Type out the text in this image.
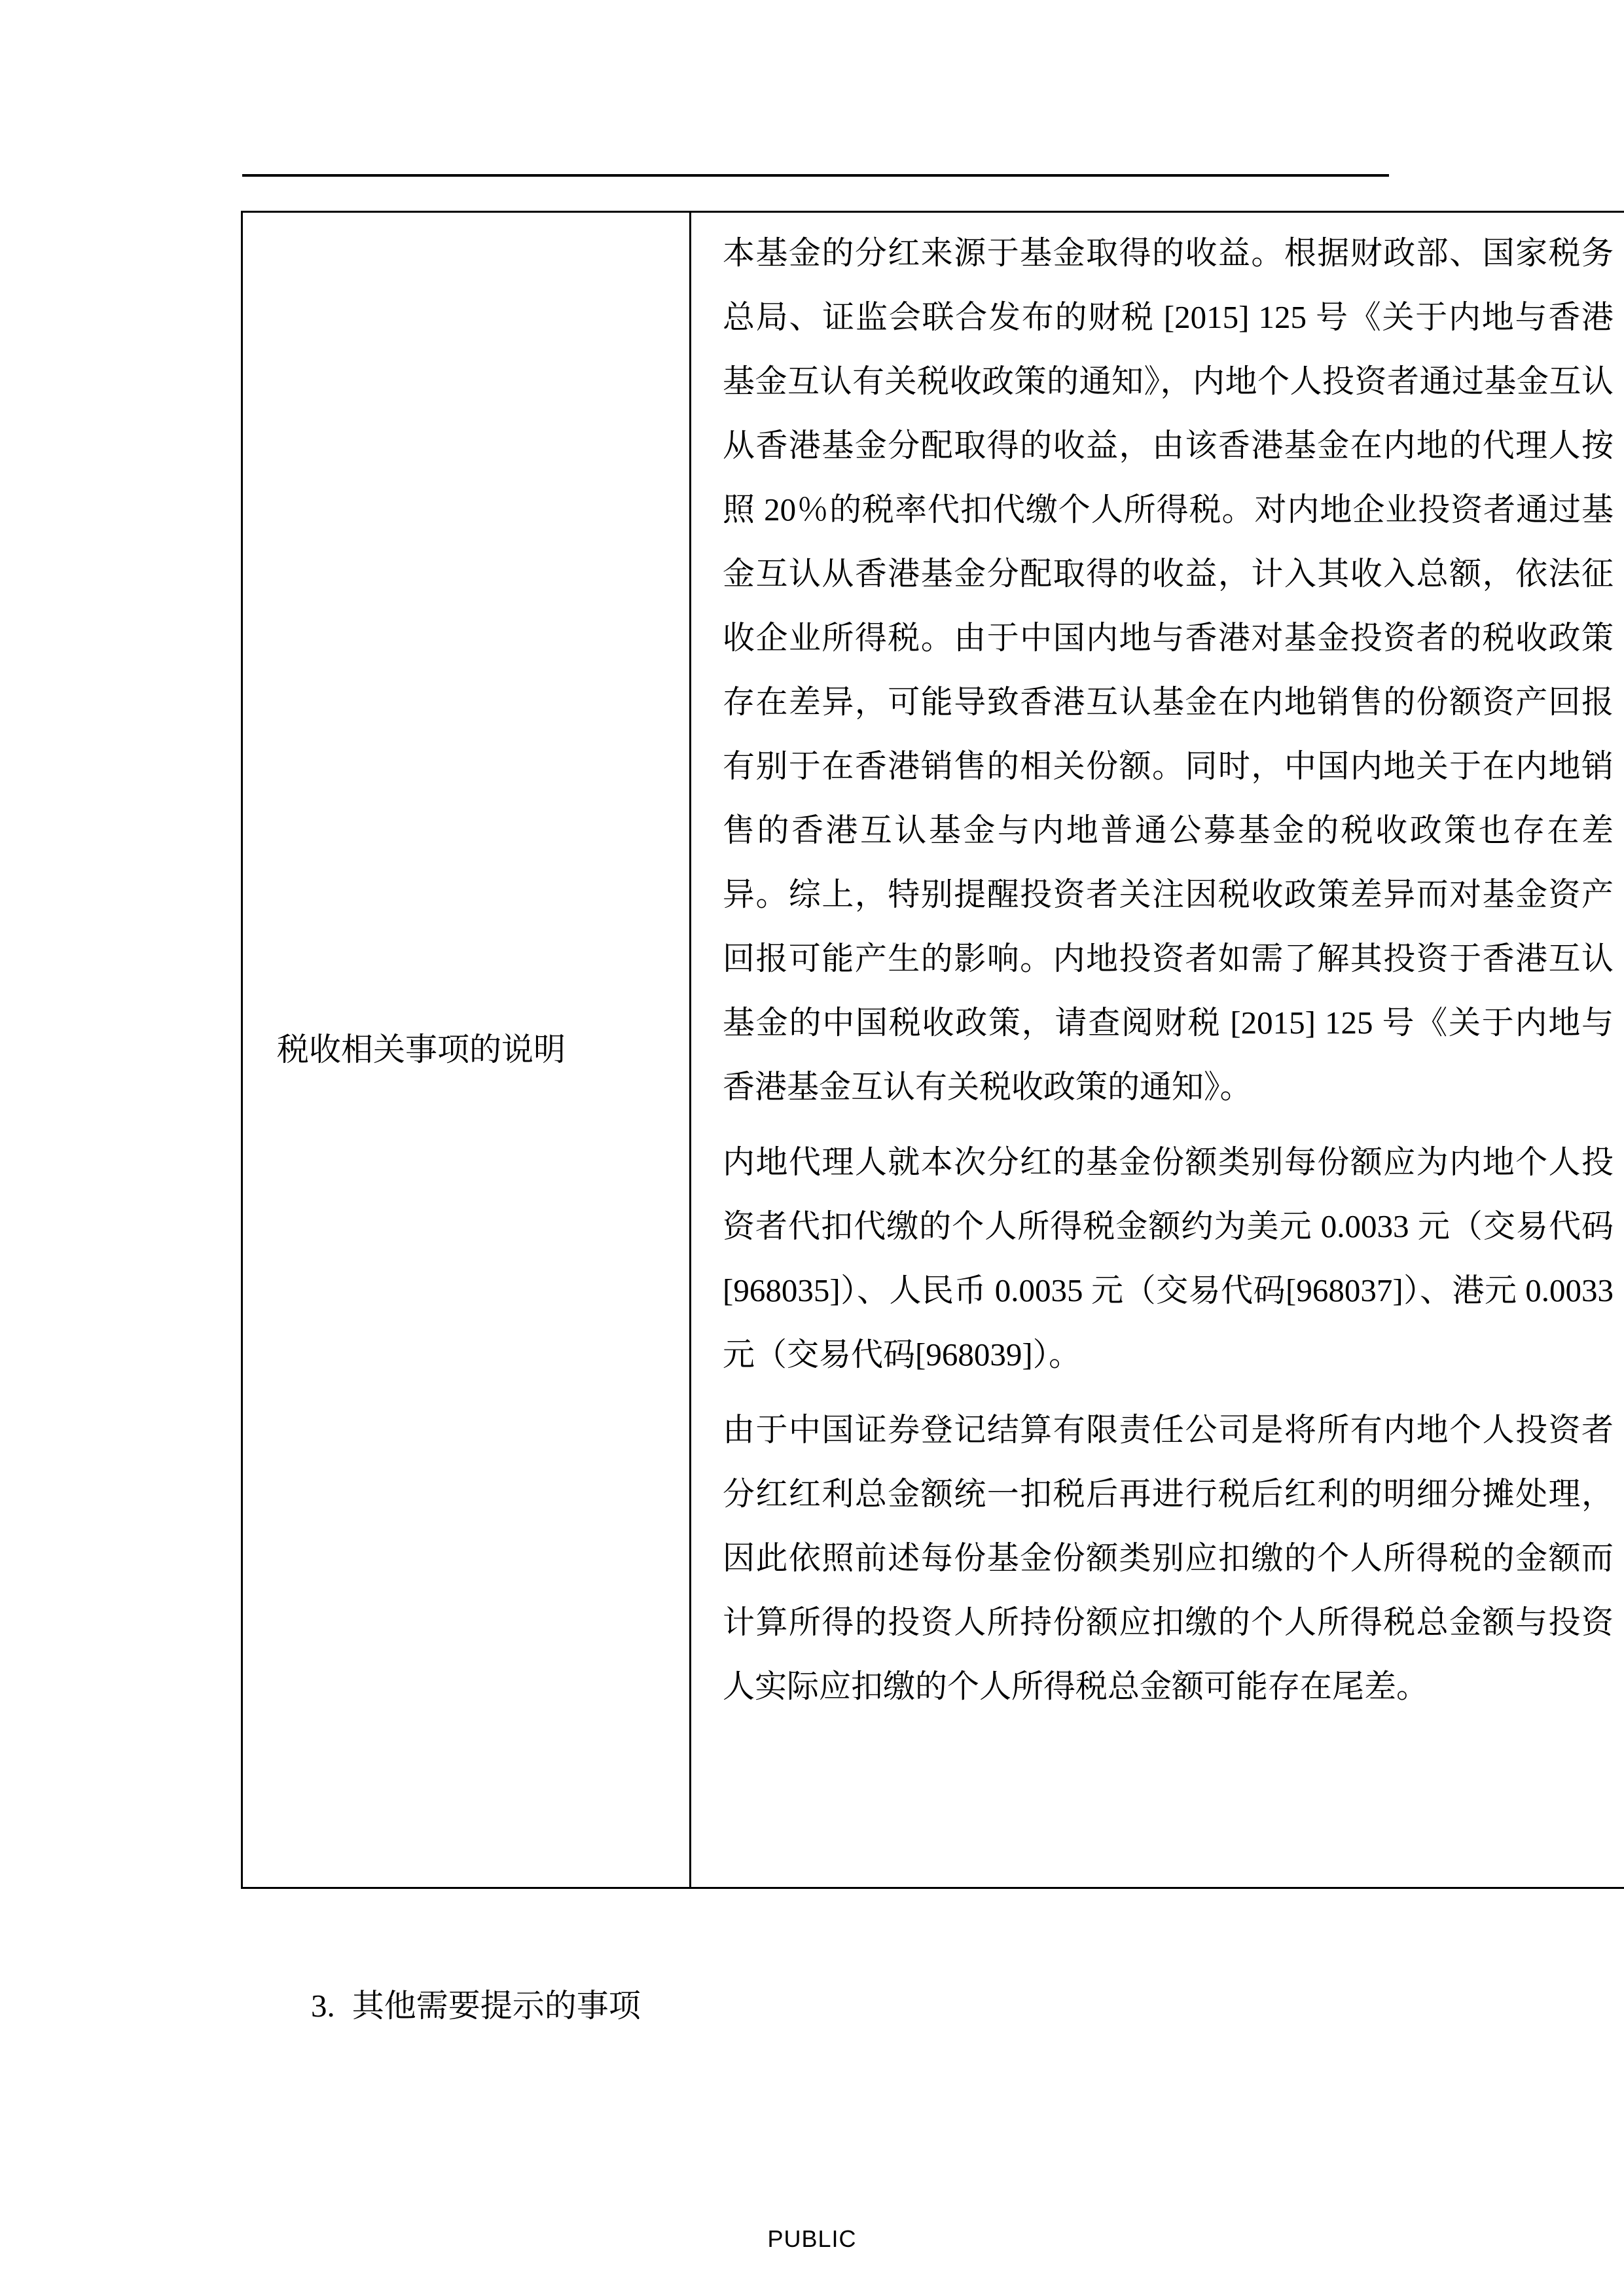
税收相关事项的说明	

本基金的分红来源于基金取得的收益。根据财政部、国家税务总局、证监会联合发布的财税 [2015] 125 号《关于内地与香港基金互认有关税收政策的通知》，内地个人投资者通过基金互认从香港基金分配取得的收益，由该香港基金在内地的代理人按照 20％的税率代扣代缴个人所得税。对内地企业投资者通过基金互认从香港基金分配取得的收益，计入其收入总额，依法征收企业所得税。由于中国内地与香港对基金投资者的税收政策存在差异，可能导致香港互认基金在内地销售的份额资产回报有别于在香港销售的相关份额。同时，中国内地关于在内地销售的香港互认基金与内地普通公募基金的税收政策也存在差异。综上，特别提醒投资者关注因税收政策差异而对基金资产回报可能产生的影响。内地投资者如需了解其投资于香港互认基金的中国税收政策，请查阅财税 [2015] 125 号《关于内地与香港基金互认有关税收政策的通知》。

内地代理人就本次分红的基金份额类别每份额应为内地个人投资者代扣代缴的个人所得税金额约为美元 0.0033 元（交易代码[968035]）、人民币 0.0035 元（交易代码[968037]）、港元 0.0033 元（交易代码[968039]）。

由于中国证券登记结算有限责任公司是将所有内地个人投资者分红红利总金额统一扣税后再进行税后红利的明细分摊处理，因此依照前述每份基金份额类别应扣缴的个人所得税的金额而计算所得的投资人所持份额应扣缴的个人所得税总金额与投资人实际应扣缴的个人所得税总金额可能存在尾差。

3. 其他需要提示的事项
PUBLIC
